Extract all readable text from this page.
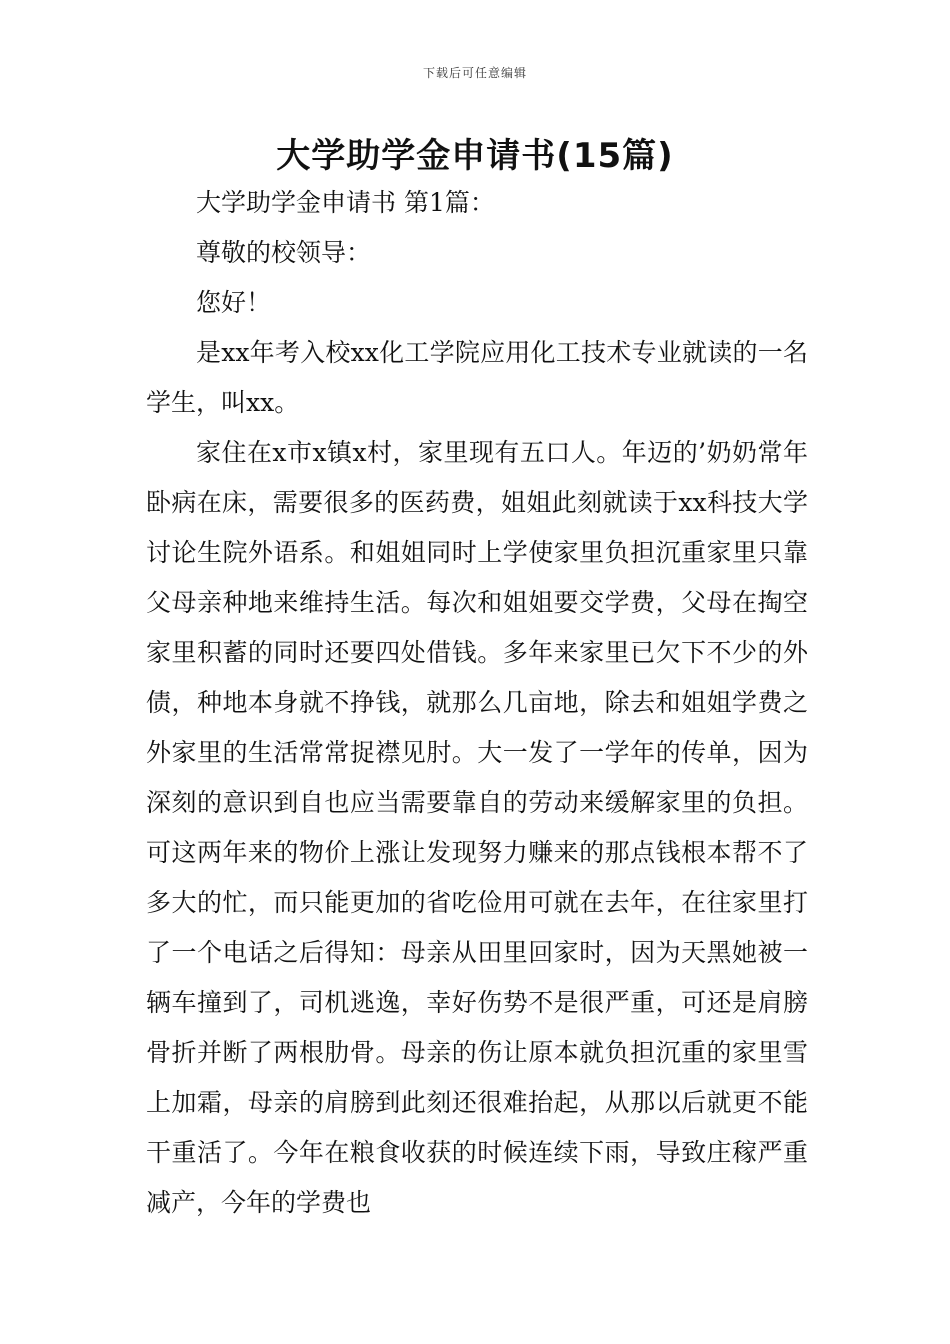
下载后可任意编辑
大学助学金申请书(15篇)

大学助学金申请书 第1篇：

尊敬的校领导：

您好！

是xx年考入校xx化工学院应用化工技术专业就读的一名学生，叫xx。

家住在x市x镇x村，家里现有五口人。年迈的’奶奶常年卧病在床，需要很多的医药费，姐姐此刻就读于xx科技大学讨论生院外语系。和姐姐同时上学使家里负担沉重家里只靠父母亲种地来维持生活。每次和姐姐要交学费，父母在掏空家里积蓄的同时还要四处借钱。多年来家里已欠下不少的外债，种地本身就不挣钱，就那么几亩地，除去和姐姐学费之外家里的生活常常捉襟见肘。大一发了一学年的传单，因为深刻的意识到自也应当需要靠自的劳动来缓解家里的负担。可这两年来的物价上涨让发现努力赚来的那点钱根本帮不了多大的忙，而只能更加的省吃俭用可就在去年，在往家里打了一个电话之后得知：母亲从田里回家时，因为天黑她被一辆车撞到了，司机逃逸，幸好伤势不是很严重，可还是肩膀骨折并断了两根肋骨。母亲的伤让原本就负担沉重的家里雪上加霜，母亲的肩膀到此刻还很难抬起，从那以后就更不能干重活了。今年在粮食收获的时候连续下雨，导致庄稼严重减产，今年的学费也
